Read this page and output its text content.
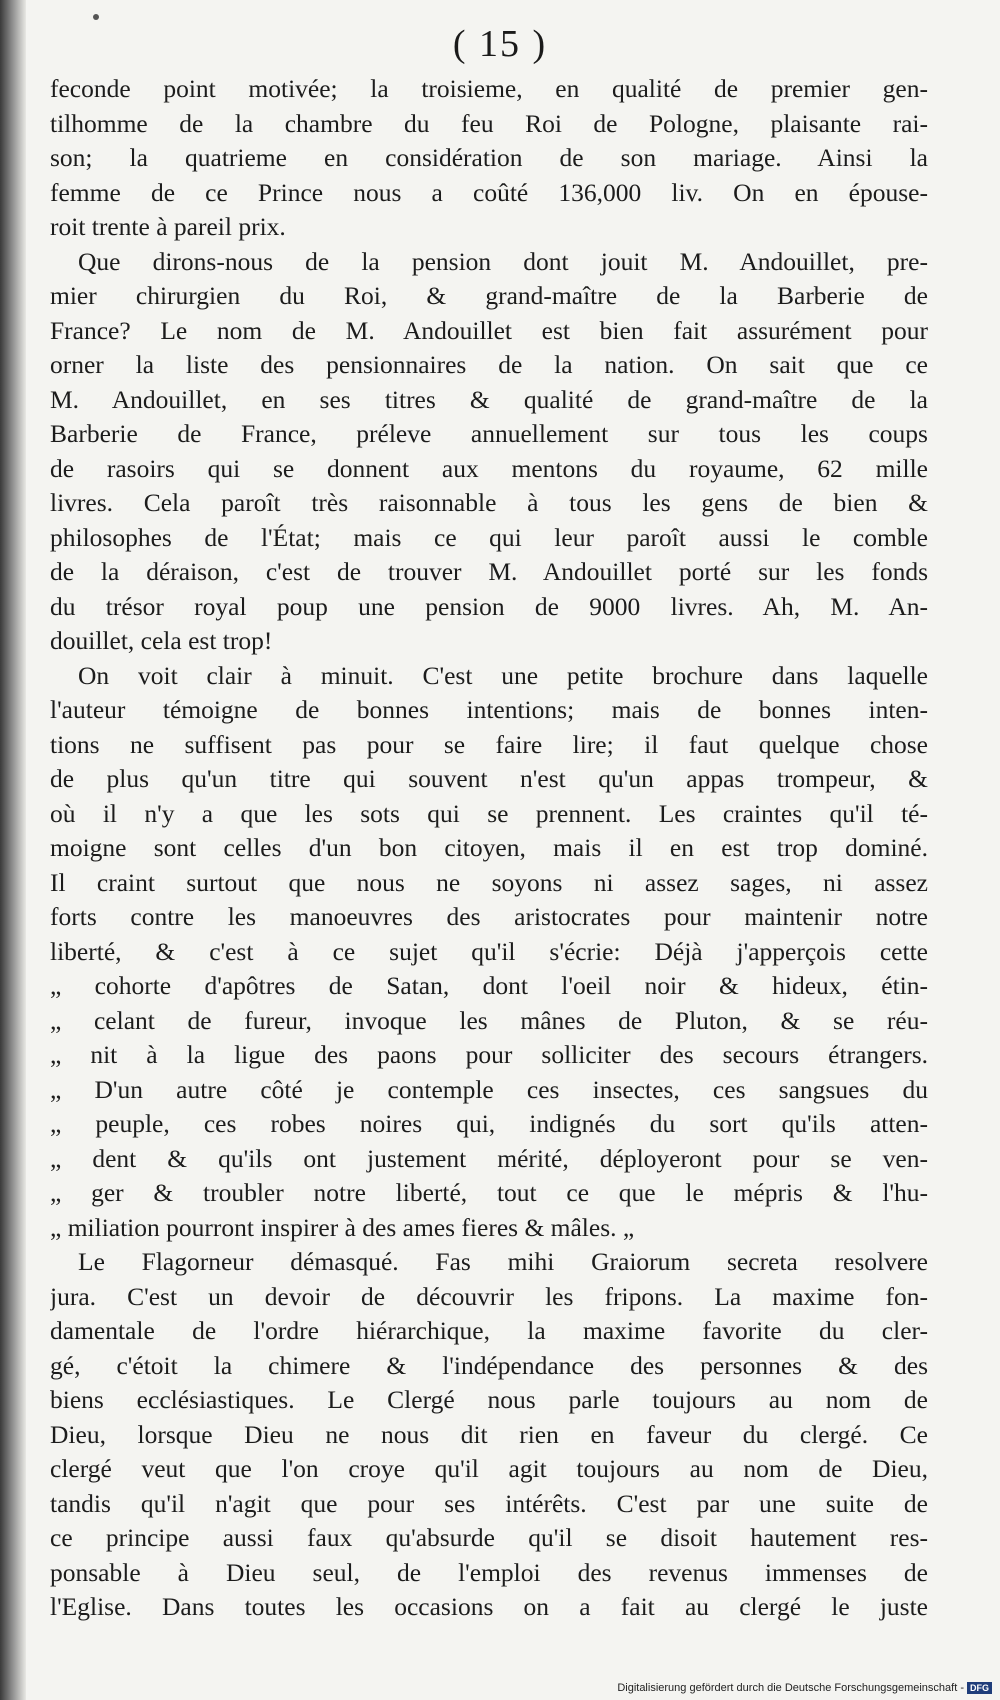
( 15 )
feconde point motivée; la troisieme, en qualité de premier gen-
tilhomme de la chambre du feu Roi de Pologne, plaisante rai-
son; la quatrieme en considération de son mariage. Ainsi la
femme de ce Prince nous a coûté 136,000 liv. On en épouse-
roit trente à pareil prix.
Que dirons-nous de la pension dont jouit M. Andouillet, pre-
mier chirurgien du Roi, & grand-maître de la Barberie de
France? Le nom de M. Andouillet est bien fait assurément pour
orner la liste des pensionnaires de la nation. On sait que ce
M. Andouillet, en ses titres & qualité de grand-maître de la
Barberie de France, préleve annuellement sur tous les coups
de rasoirs qui se donnent aux mentons du royaume, 62 mille
livres. Cela paroît très raisonnable à tous les gens de bien &
philosophes de l'État; mais ce qui leur paroît aussi le comble
de la déraison, c'est de trouver M. Andouillet porté sur les fonds
du trésor royal poup une pension de 9000 livres. Ah, M. An-
douillet, cela est trop!
On voit clair à minuit. C'est une petite brochure dans laquelle
l'auteur témoigne de bonnes intentions; mais de bonnes inten-
tions ne suffisent pas pour se faire lire; il faut quelque chose
de plus qu'un titre qui souvent n'est qu'un appas trompeur, &
où il n'y a que les sots qui se prennent. Les craintes qu'il té-
moigne sont celles d'un bon citoyen, mais il en est trop dominé.
Il craint surtout que nous ne soyons ni assez sages, ni assez
forts contre les manoeuvres des aristocrates pour maintenir notre
liberté, & c'est à ce sujet qu'il s'écrie: Déjà j'apperçois cette
„ cohorte d'apôtres de Satan, dont l'oeil noir & hideux, étin-
„ celant de fureur, invoque les mânes de Pluton, & se réu-
„ nit à la ligue des paons pour solliciter des secours étrangers.
„ D'un autre côté je contemple ces insectes, ces sangsues du
„ peuple, ces robes noires qui, indignés du sort qu'ils atten-
„ dent & qu'ils ont justement mérité, déployeront pour se ven-
„ ger & troubler notre liberté, tout ce que le mépris & l'hu-
„ miliation pourront inspirer à des ames fieres & mâles. „
Le Flagorneur démasqué. Fas mihi Graiorum secreta resolvere
jura. C'est un devoir de découvrir les fripons. La maxime fon-
damentale de l'ordre hiérarchique, la maxime favorite du cler-
gé, c'étoit la chimere & l'indépendance des personnes & des
biens ecclésiastiques. Le Clergé nous parle toujours au nom de
Dieu, lorsque Dieu ne nous dit rien en faveur du clergé. Ce
clergé veut que l'on croye qu'il agit toujours au nom de Dieu,
tandis qu'il n'agit que pour ses intérêts. C'est par une suite de
ce principe aussi faux qu'absurde qu'il se disoit hautement res-
ponsable à Dieu seul, de l'emploi des revenus immenses de
l'Eglise. Dans toutes les occasions on a fait au clergé le juste
Digitalisierung gefördert durch die Deutsche Forschungsgemeinschaft - DFG
